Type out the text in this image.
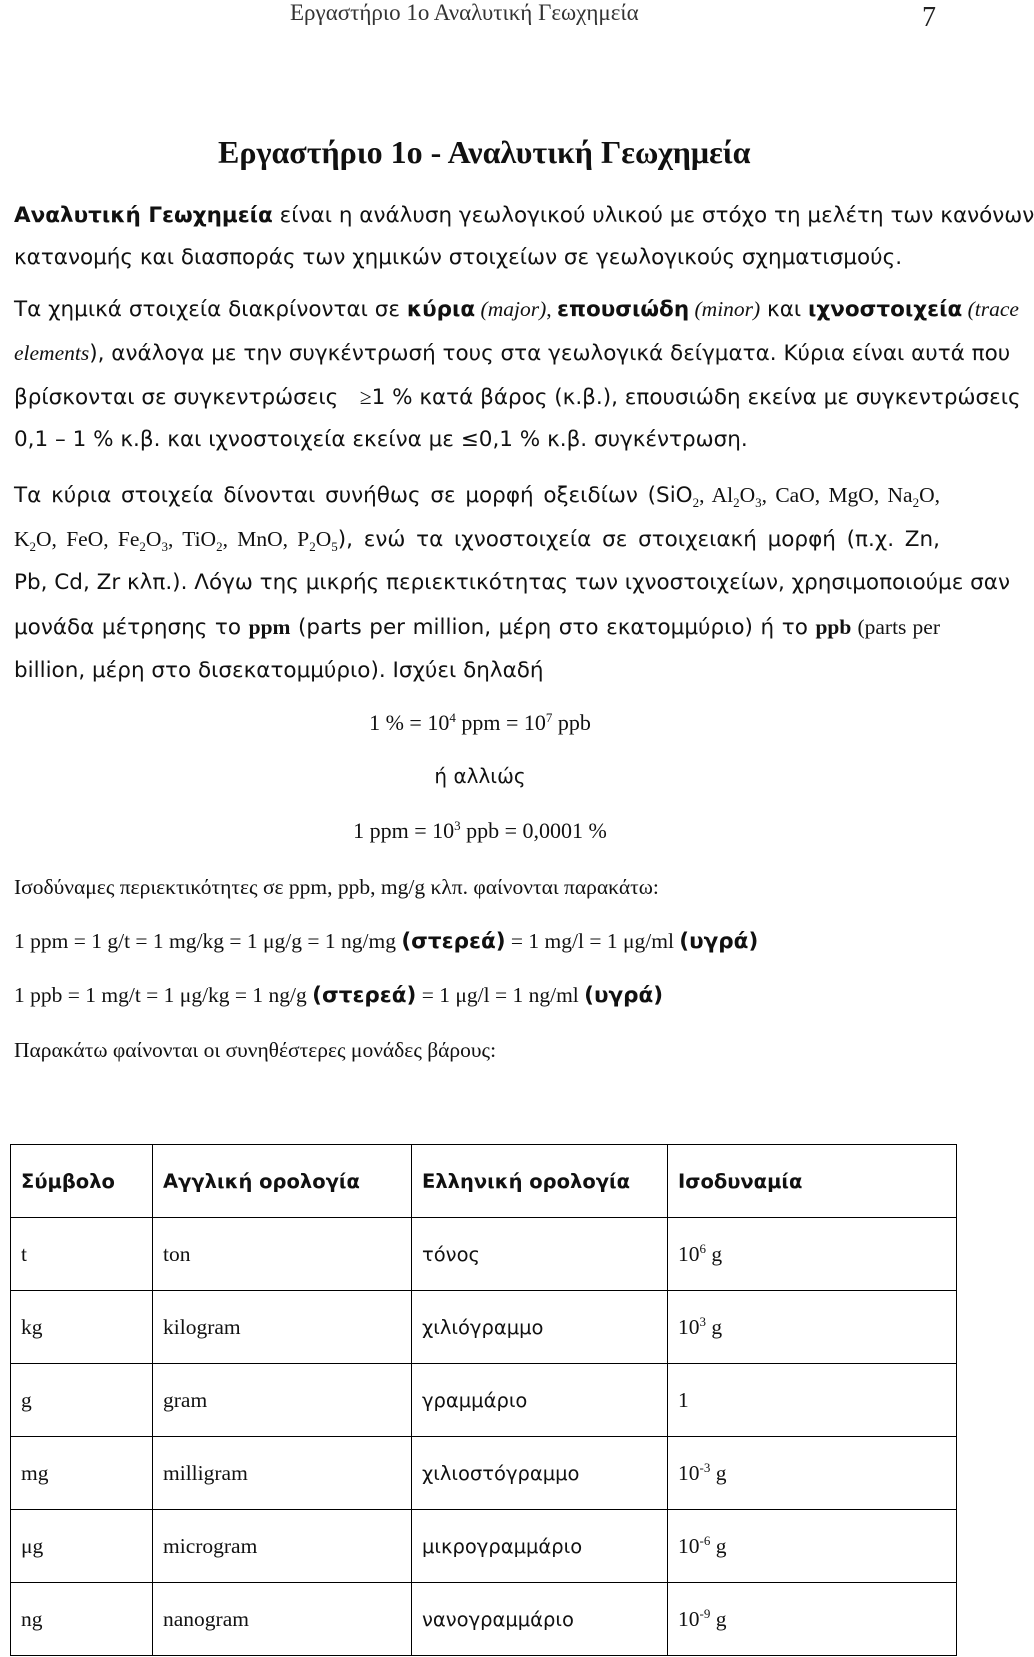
Εργαστήριο 1ο Αναλυτική Γεωχημεία	7
Εργαστήριο 1ο - Αναλυτική Γεωχημεία
Αναλυτική Γεωχημεία είναι η ανάλυση γεωλογικού υλικού με στόχο τη μελέτη των κανόνων
κατανομής και διασποράς των χημικών στοιχείων σε γεωλογικούς σχηματισμούς.
Τα χημικά στοιχεία διακρίνονται σε κύρια (major), επουσιώδη (minor) και ιχνοστοιχεία (trace
elements), ανάλογα με την συγκέντρωσή τους στα γεωλογικά δείγματα. Κύρια είναι αυτά που
βρίσκονται σε συγκεντρώσεις ≥1 % κατά βάρος (κ.β.), επουσιώδη εκείνα με συγκεντρώσεις
0,1 – 1 % κ.β. και ιχνοστοιχεία εκείνα με ≤0,1 % κ.β. συγκέντρωση.
Τα κύρια στοιχεία δίνονται συνήθως σε μορφή οξειδίων (SiO$_2$, $Al_2O_3$, CaO, MgO, $Na_2O$,
$K_2O$, FeO, $Fe_2O_3$, TiO$_2$, MnO, $P_2O_5$), ενώ τα ιχνοστοιχεία σε στοιχειακή μορφή (π.χ. Zn,
Pb, Cd, Zr κλπ.). Λόγω της μικρής περιεκτικότητας των ιχνοστοιχείων, χρησιμοποιούμε σαν
μονάδα μέτρησης το ppm (parts per million, μέρη στο εκατομμύριο) ή το ppb (parts per
billion, μέρη στο δισεκατομμύριο). Ισχύει δηλαδή
1 % = $10^4$ ppm = $10^7$ ppb
ή αλλιώς
1 ppm = $10^3$ ppb = 0,0001 %
Ισοδύναμες περιεκτικότητες σε ppm, ppb, mg/g κλπ. φαίνονται παρακάτω:
1 ppm = 1 g/t = 1 mg/kg = 1 μg/g = 1 ng/mg (στερεά) = 1 mg/l = 1 μg/ml (υγρά)
1 ppb = 1 mg/t = 1 μg/kg = 1 ng/g (στερεά) = 1 μg/l = 1 ng/ml (υγρά)
Παρακάτω φαίνονται οι συνηθέστερες μονάδες βάρους:
Σύμβολο	Αγγλική ορολογία	Ελληνική ορολογία	Ισοδυναμία
t	ton	τόνος	$10^6$ g
kg	kilogram	χιλιόγραμμο	$10^3$ g
g	gram	γραμμάριο	1
mg	milligram	χιλιοστόγραμμο	$10^{-3}$ g
μg	microgram	μικρογραμμάριο	$10^{-6}$ g
ng	nanogram	νανογραμμάριο	$10^{-9}$ g
